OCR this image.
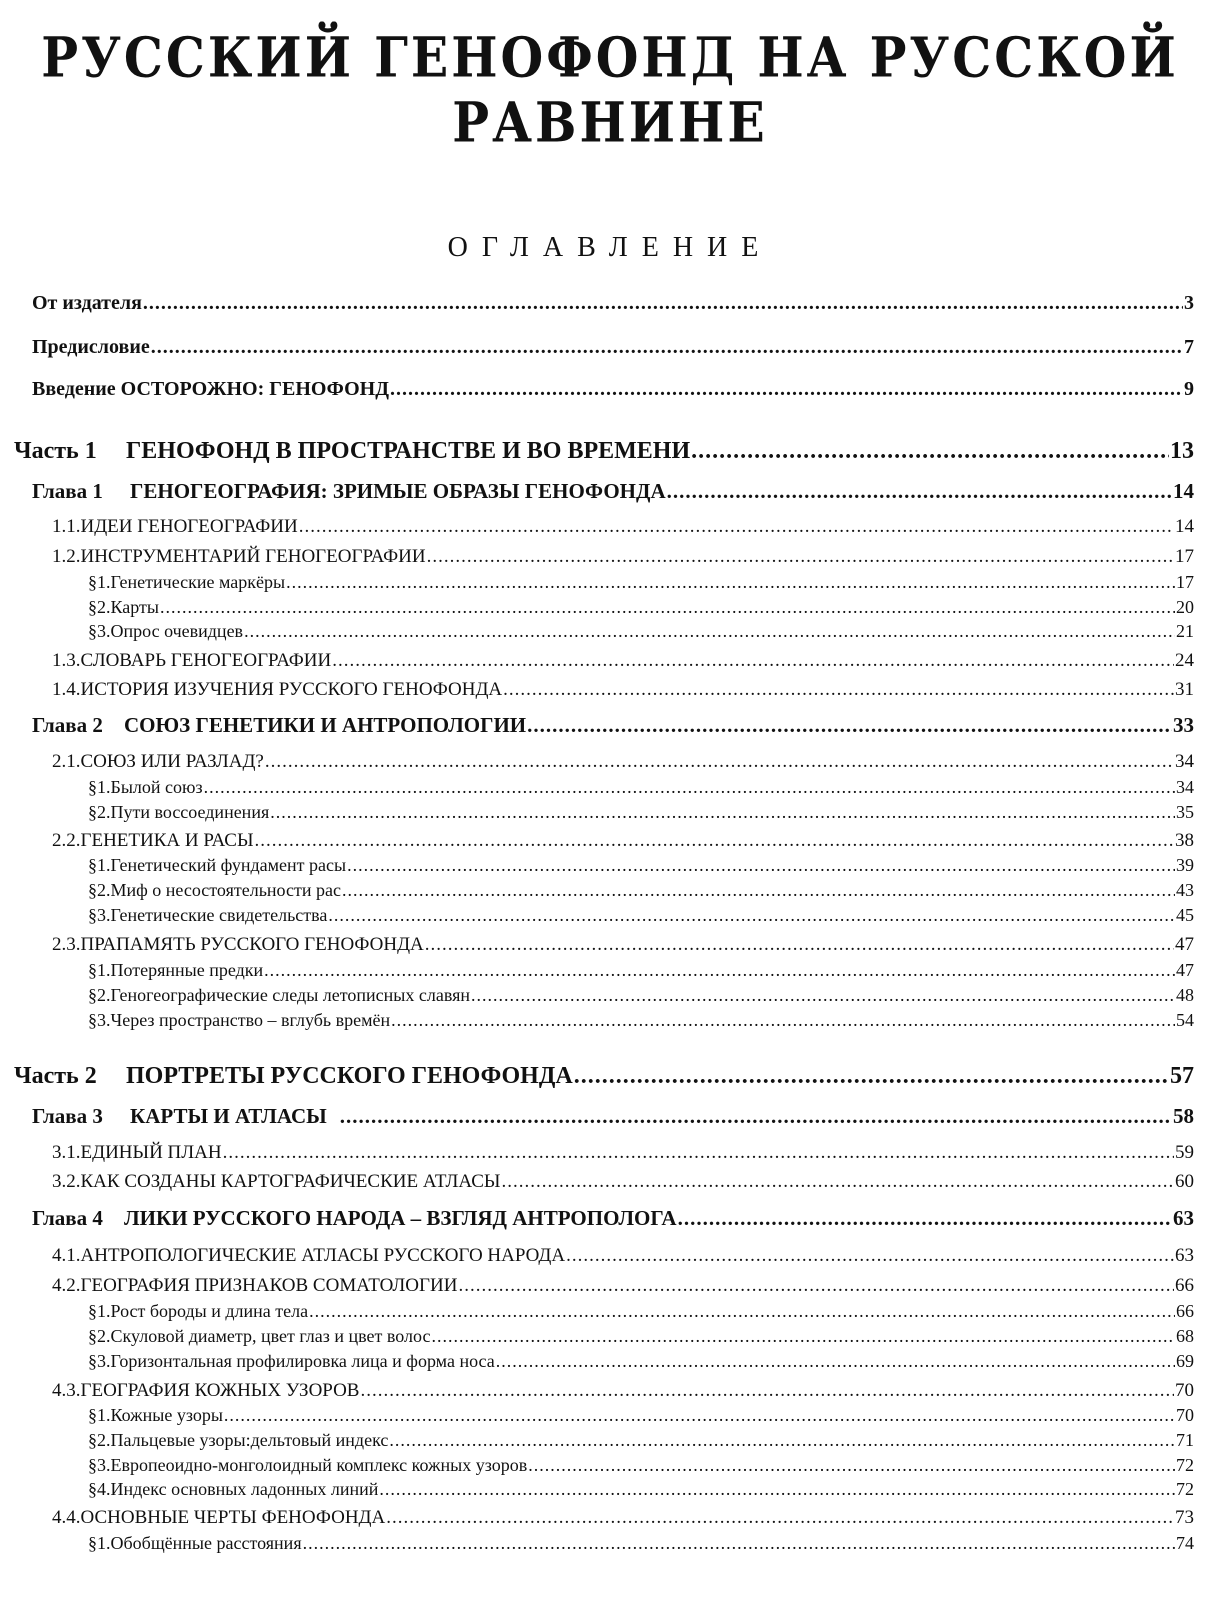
РУССКИЙ ГЕНОФОНД НА РУССКОЙ РАВНИНЕ
ОГЛАВЛЕНИЕ
От издателя .....	3
Предисловие .....	7
Введение ОСТОРОЖНО: ГЕНОФОНД .....	9
Часть 1	ГЕНОФОНД В ПРОСТРАНСТВЕ И ВО ВРЕМЕНИ .....	13
Глава 1	ГЕНОГЕОГРАФИЯ: ЗРИМЫЕ ОБРАЗЫ ГЕНОФОНДА .....	14
1.1.ИДЕИ ГЕНОГЕОГРАФИИ .....	14
1.2.ИНСТРУМЕНТАРИЙ ГЕНОГЕОГРАФИИ .....	17
§1.Генетические маркёры .....	17
§2.Карты .....	20
§3.Опрос очевидцев .....	21
1.3.СЛОВАРЬ ГЕНОГЕОГРАФИИ .....	24
1.4.ИСТОРИЯ ИЗУЧЕНИЯ РУССКОГО ГЕНОФОНДА .....	31
Глава 2	СОЮЗ ГЕНЕТИКИ И АНТРОПОЛОГИИ .....	33
2.1.СОЮЗ ИЛИ РАЗЛАД? .....	34
§1.Былой союз .....	34
§2.Пути воссоединения .....	35
2.2.ГЕНЕТИКА И РАСЫ .....	38
§1.Генетический фундамент расы .....	39
§2.Миф о несостоятельности рас .....	43
§3.Генетические свидетельства .....	45
2.3.ПРАПАМЯТЬ РУССКОГО ГЕНОФОНДА .....	47
§1.Потерянные предки .....	47
§2.Геногеографические следы летописных славян .....	48
§3.Через пространство – вглубь времён .....	54
Часть 2	ПОРТРЕТЫ РУССКОГО ГЕНОФОНДА .....	57
Глава 3	КАРТЫ И АТЛАСЫ .....	58
3.1.ЕДИНЫЙ ПЛАН .....	59
3.2.КАК СОЗДАНЫ КАРТОГРАФИЧЕСКИЕ АТЛАСЫ .....	60
Глава 4	ЛИКИ РУССКОГО НАРОДА – ВЗГЛЯД АНТРОПОЛОГА .....	63
4.1.АНТРОПОЛОГИЧЕСКИЕ АТЛАСЫ РУССКОГО НАРОДА .....	63
4.2.ГЕОГРАФИЯ ПРИЗНАКОВ СОМАТОЛОГИИ .....	66
§1.Рост бороды и длина тела .....	66
§2.Скуловой диаметр, цвет глаз и цвет волос .....	68
§3.Горизонтальная профилировка лица и форма носа .....	69
4.3.ГЕОГРАФИЯ КОЖНЫХ УЗОРОВ .....	70
§1.Кожные узоры .....	70
§2.Пальцевые узоры:дельтовый индекс .....	71
§3.Европеоидно-монголоидный комплекс кожных узоров .....	72
§4.Индекс основных ладонных линий .....	72
4.4.ОСНОВНЫЕ ЧЕРТЫ ФЕНОФОНДА .....	73
§1.Обобщённые расстояния .....	74
